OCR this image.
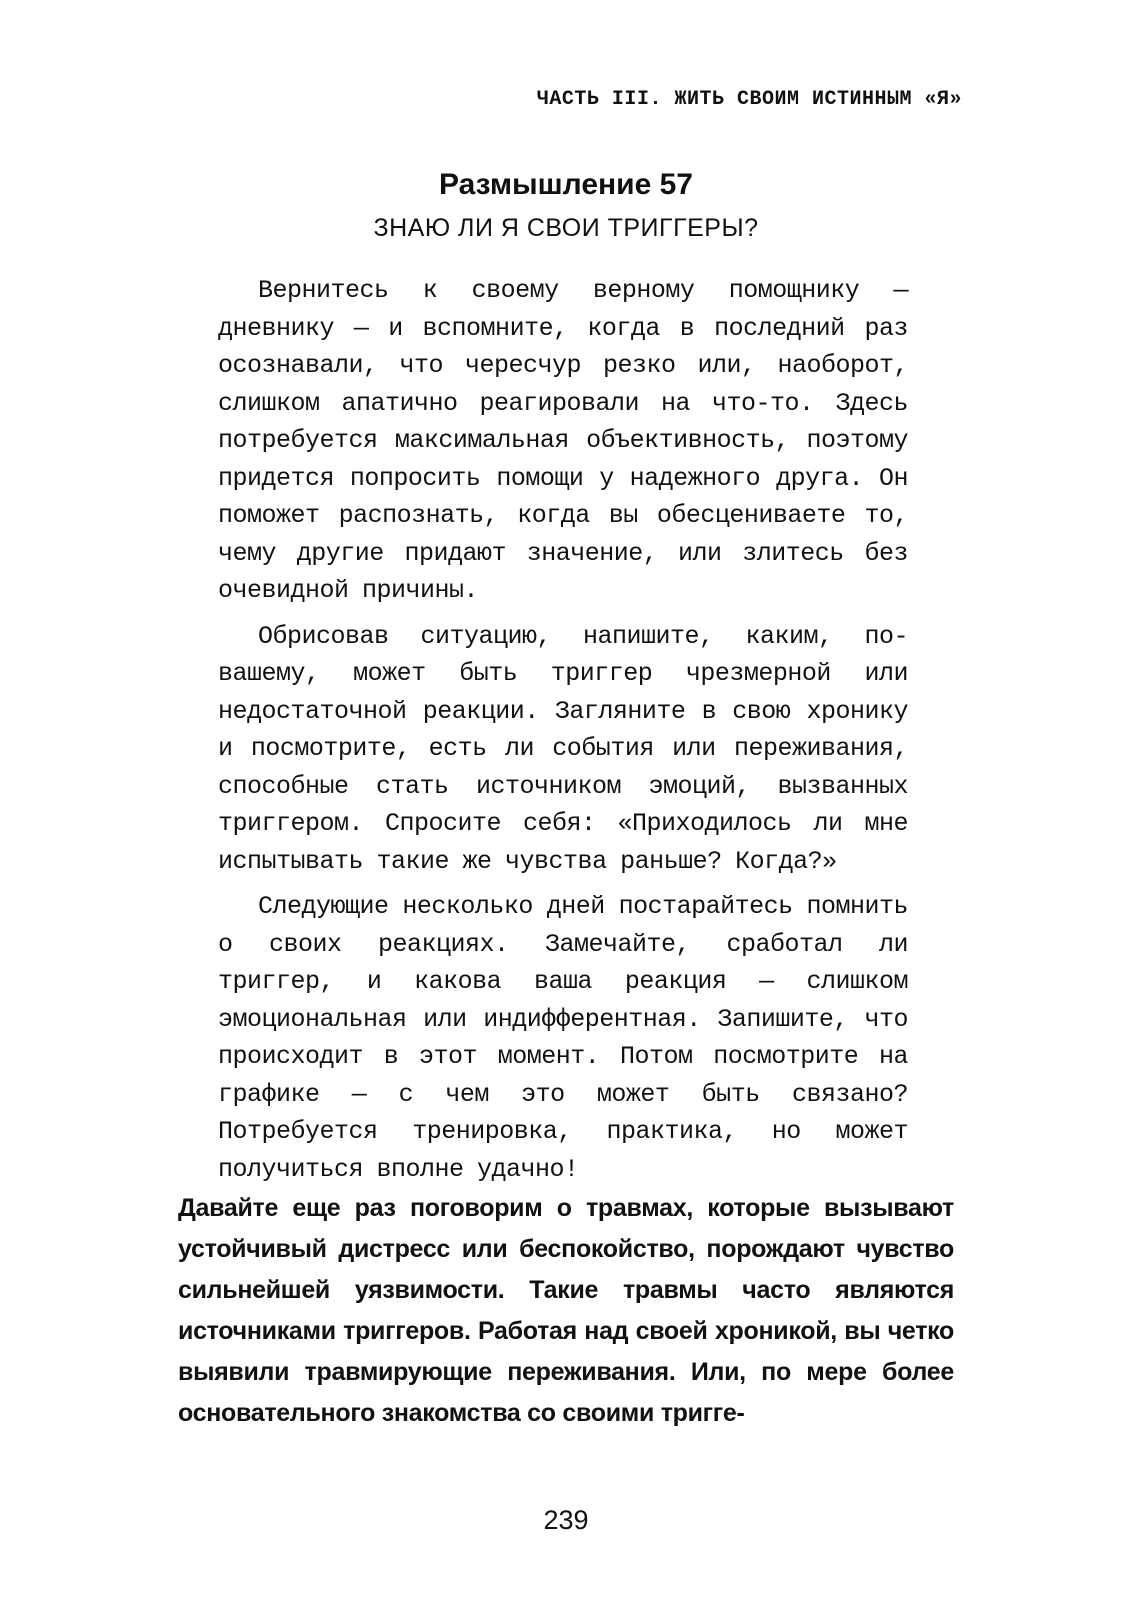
ЧАСТЬ III. ЖИТЬ СВОИМ ИСТИННЫМ «Я»
Размышление 57
ЗНАЮ ЛИ Я СВОИ ТРИГГЕРЫ?

Вернитесь к своему верному помощнику — дневнику — и вспомните, когда в последний раз осознавали, что чересчур резко или, наоборот, слишком апатично реагировали на что-то. Здесь потребуется максимальная объективность, поэтому придется попросить помощи у надежного друга. Он поможет распознать, когда вы обесцениваете то, чему другие придают значение, или злитесь без очевидной причины.

Обрисовав ситуацию, напишите, каким, по-вашему, может быть триггер чрезмерной или недостаточной реакции. Загляните в свою хронику и посмотрите, есть ли события или переживания, способные стать источником эмоций, вызванных триггером. Спросите себя: «Приходилось ли мне испытывать такие же чувства раньше? Когда?»

Следующие несколько дней постарайтесь помнить о своих реакциях. Замечайте, сработал ли триггер, и какова ваша реакция — слишком эмоциональная или индифферентная. Запишите, что происходит в этот момент. Потом посмотрите на графике — с чем это может быть связано? Потребуется тренировка, практика, но может получиться вполне удачно!

Давайте еще раз поговорим о травмах, которые вызывают устойчивый дистресс или беспокойство, порождают чувство сильнейшей уязвимости. Такие травмы часто являются источниками триггеров. Работая над своей хроникой, вы четко выявили травмирующие переживания. Или, по мере более основательного знакомства со своими тригге-

239
